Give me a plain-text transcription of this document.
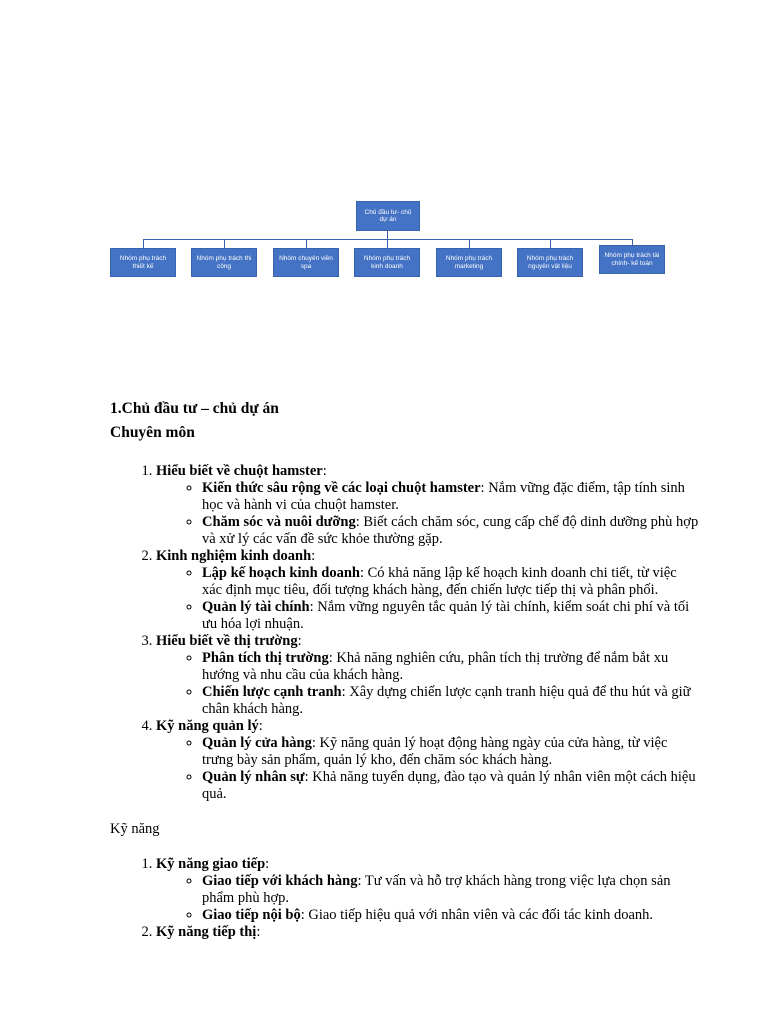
Chủ đầu tư- chủ dự án
Nhóm phụ trách thiết kế
Nhóm phụ trách thi công
Nhóm chuyên viên spa
Nhóm phụ trách kinh doanh
Nhóm phụ trách marketing
Nhóm phụ trách nguyên vật liệu
Nhóm phụ trách tài chính- kế toán
1.Chủ đầu tư – chủ dự án
Chuyên môn
1. Hiểu biết về chuột hamster:
◦ Kiến thức sâu rộng về các loại chuột hamster: Nắm vững đặc điểm, tập tính sinh học và hành vi của chuột hamster.
◦ Chăm sóc và nuôi dưỡng: Biết cách chăm sóc, cung cấp chế độ dinh dưỡng phù hợp và xử lý các vấn đề sức khỏe thường gặp.
2. Kinh nghiệm kinh doanh:
◦ Lập kế hoạch kinh doanh: Có khả năng lập kế hoạch kinh doanh chi tiết, từ việc xác định mục tiêu, đối tượng khách hàng, đến chiến lược tiếp thị và phân phối.
◦ Quản lý tài chính: Nắm vững nguyên tắc quản lý tài chính, kiểm soát chi phí và tối ưu hóa lợi nhuận.
3. Hiểu biết về thị trường:
◦ Phân tích thị trường: Khả năng nghiên cứu, phân tích thị trường để nắm bắt xu hướng và nhu cầu của khách hàng.
◦ Chiến lược cạnh tranh: Xây dựng chiến lược cạnh tranh hiệu quả để thu hút và giữ chân khách hàng.
4. Kỹ năng quản lý:
◦ Quản lý cửa hàng: Kỹ năng quản lý hoạt động hàng ngày của cửa hàng, từ việc trưng bày sản phẩm, quản lý kho, đến chăm sóc khách hàng.
◦ Quản lý nhân sự: Khả năng tuyển dụng, đào tạo và quản lý nhân viên một cách hiệu quả.
Kỹ năng
1. Kỹ năng giao tiếp:
◦ Giao tiếp với khách hàng: Tư vấn và hỗ trợ khách hàng trong việc lựa chọn sản phẩm phù hợp.
◦ Giao tiếp nội bộ: Giao tiếp hiệu quả với nhân viên và các đối tác kinh doanh.
2. Kỹ năng tiếp thị:
